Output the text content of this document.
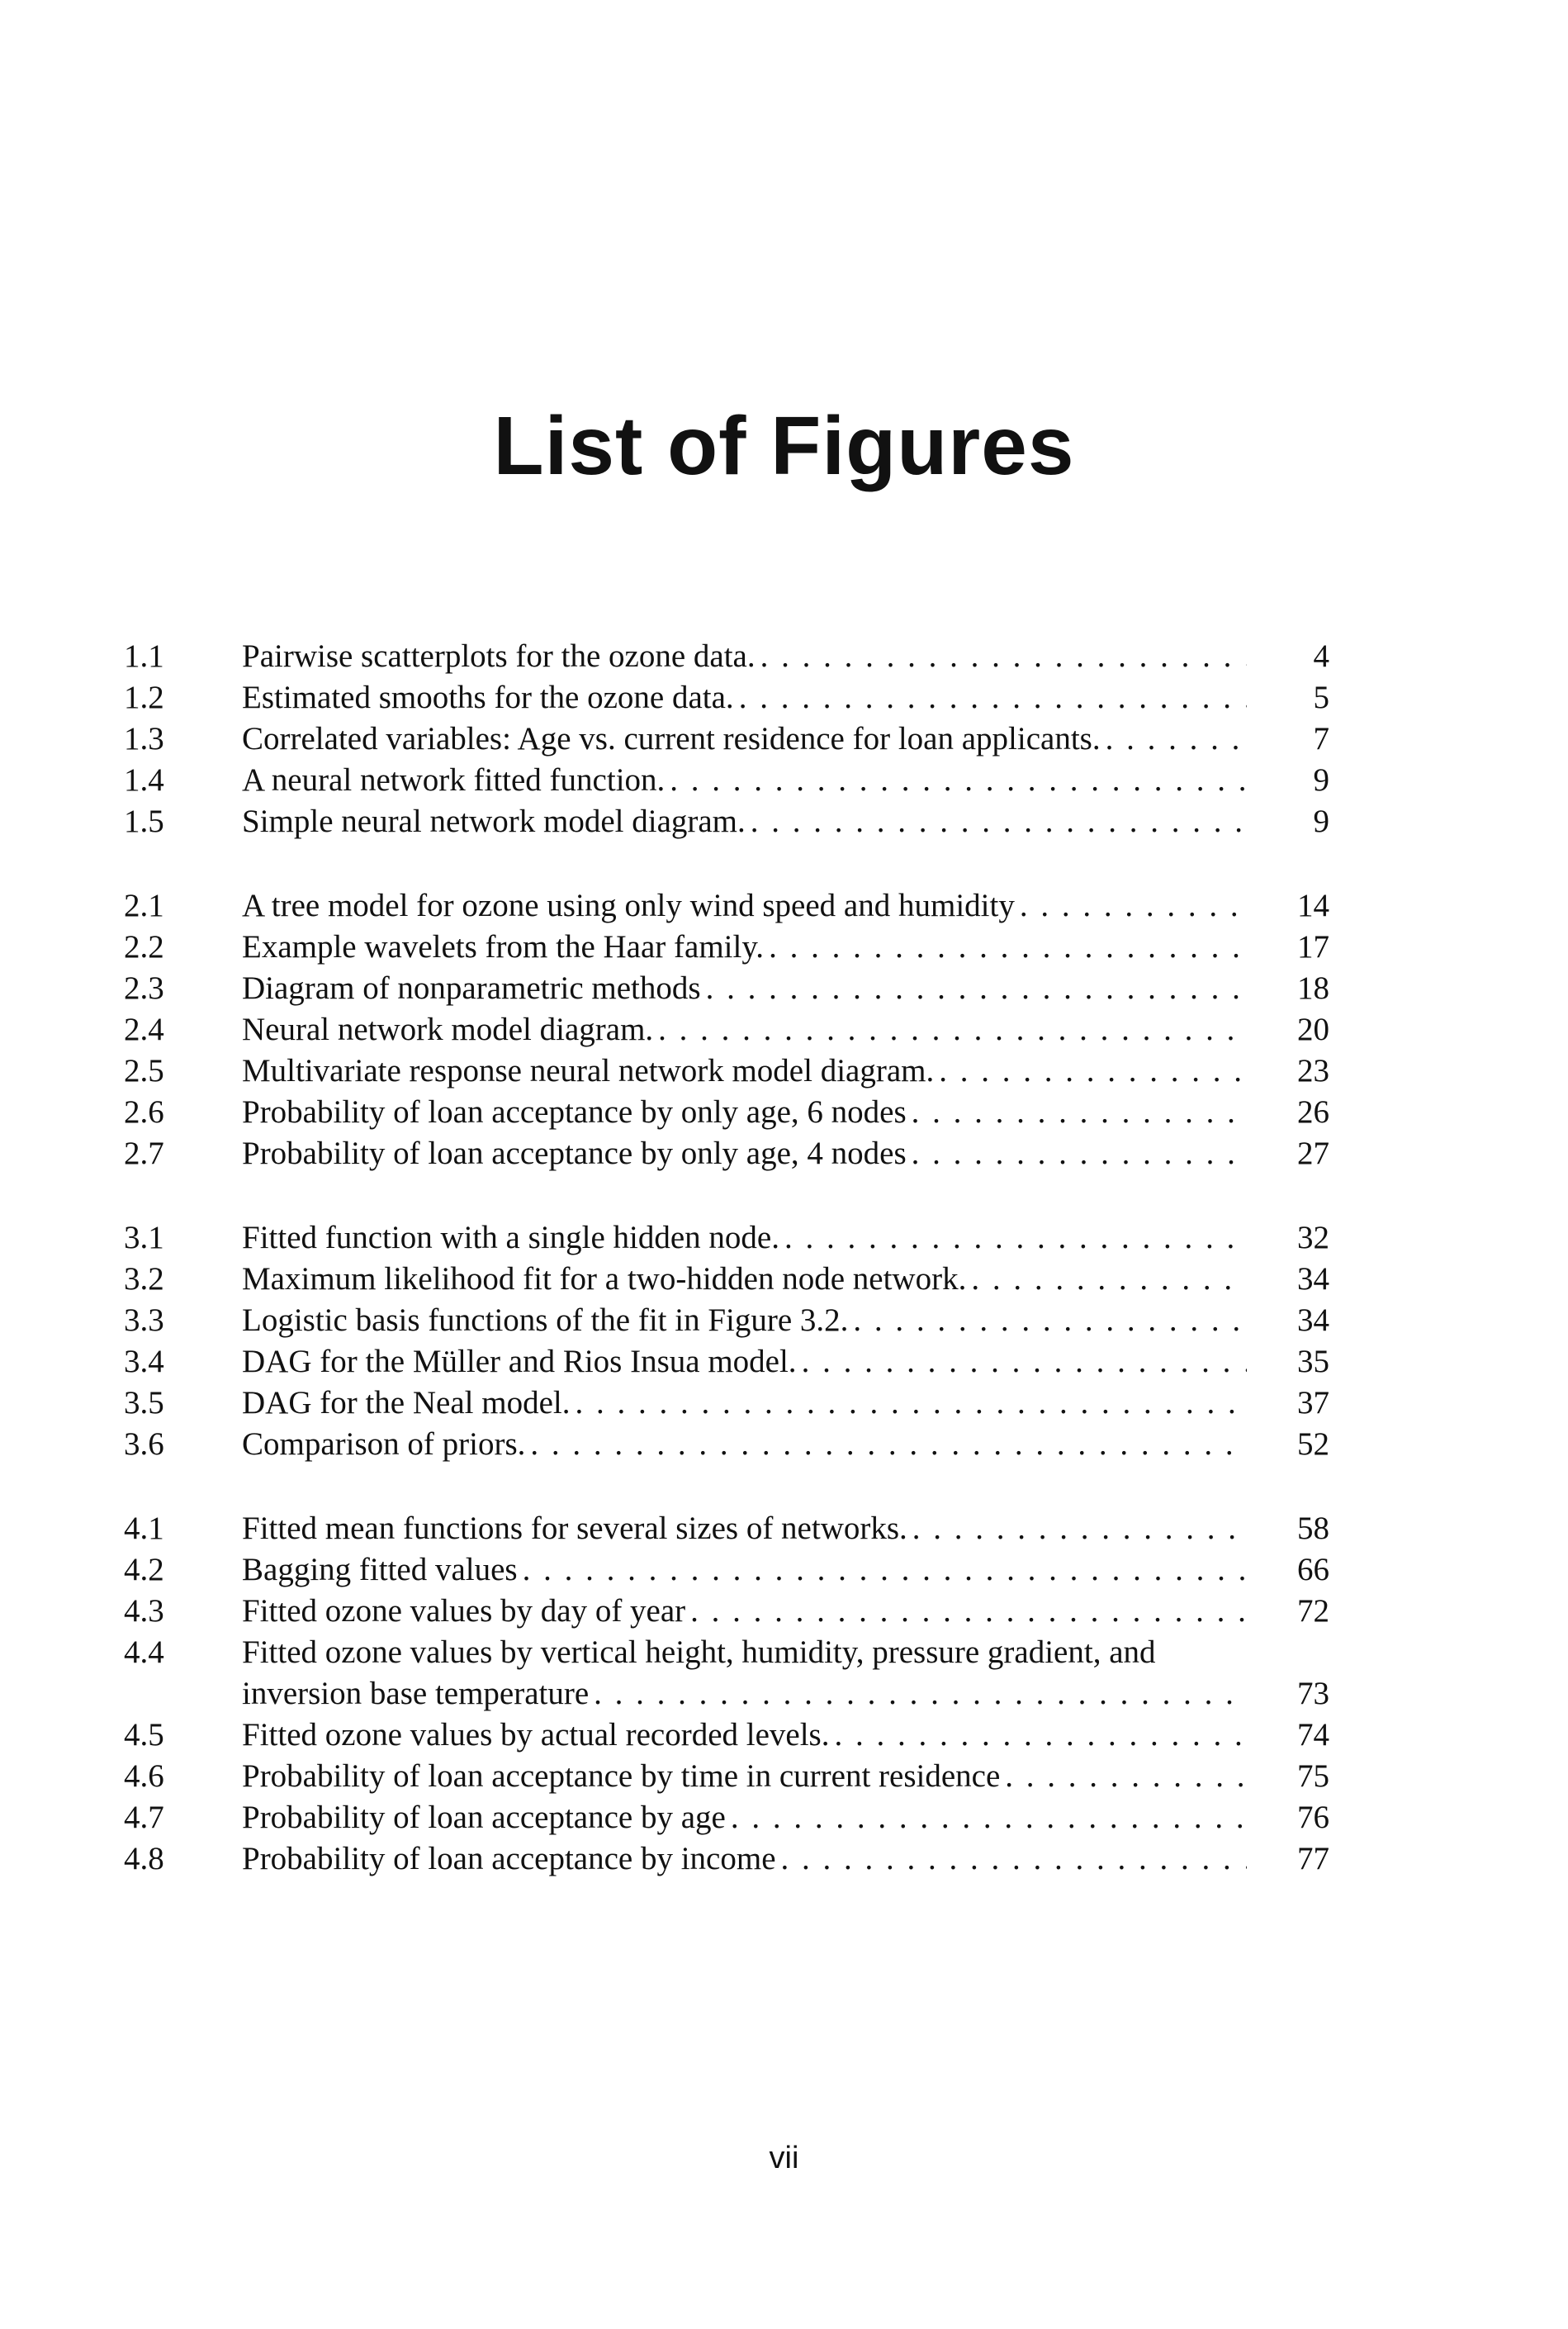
List of Figures
1.1 Pairwise scatterplots for the ozone data. . . .	4
1.2 Estimated smooths for the ozone data. . . .	5
1.3 Correlated variables: Age vs. current residence for loan applicants. . . .	7
1.4 A neural network fitted function. . . .	9
1.5 Simple neural network model diagram. . . .	9
2.1 A tree model for ozone using only wind speed and humidity . . .	14
2.2 Example wavelets from the Haar family. . . .	17
2.3 Diagram of nonparametric methods . . .	18
2.4 Neural network model diagram. . . .	20
2.5 Multivariate response neural network model diagram. . . .	23
2.6 Probability of loan acceptance by only age, 6 nodes . . .	26
2.7 Probability of loan acceptance by only age, 4 nodes . . .	27
3.1 Fitted function with a single hidden node. . . .	32
3.2 Maximum likelihood fit for a two-hidden node network. . . .	34
3.3 Logistic basis functions of the fit in Figure 3.2. . . .	34
3.4 DAG for the Müller and Rios Insua model. . . .	35
3.5 DAG for the Neal model. . . .	37
3.6 Comparison of priors. . . .	52
4.1 Fitted mean functions for several sizes of networks. . . .	58
4.2 Bagging fitted values . . .	66
4.3 Fitted ozone values by day of year . . .	72
4.4 Fitted ozone values by vertical height, humidity, pressure gradient, and
inversion base temperature . . .	73
4.5 Fitted ozone values by actual recorded levels. . . .	74
4.6 Probability of loan acceptance by time in current residence . . .	75
4.7 Probability of loan acceptance by age . . .	76
4.8 Probability of loan acceptance by income . . .	77
vii
